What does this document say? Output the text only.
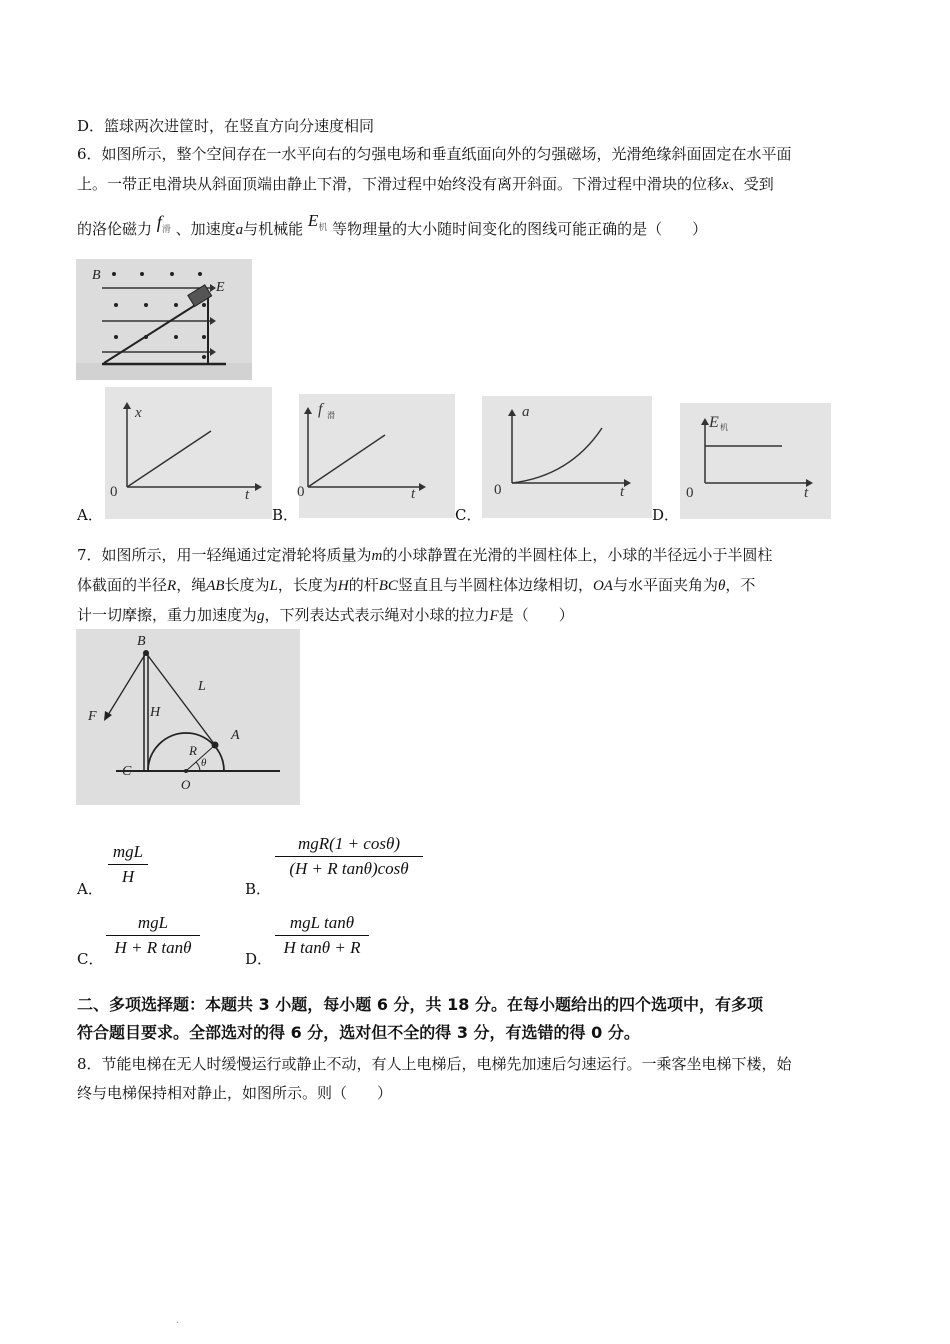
D．篮球两次进筐时，在竖直方向分速度相同
6．如图所示，整个空间存在一水平向右的匀强电场和垂直纸面向外的匀强磁场，光滑绝缘斜面固定在水平面
上。一带正电滑块从斜面顶端由静止下滑，下滑过程中始终没有离开斜面。下滑过程中滑块的位移x、受到
的洛伦磁力 f滑 、加速度a与机械能 $E^机$ 等物理量的大小随时间变化的图线可能正确的是（　　）
B
E
A．	B．	C．	D．
x
t
0
f 滑
t
0
a
t
0
E 机
t
0
7．如图所示，用一轻绳通过定滑轮将质量为m的小球静置在光滑的半圆柱体上，小球的半径远小于半圆柱
体截面的半径R，绳AB长度为L，长度为H的杆BC竖直且与半圆柱体边缘相切，OA与水平面夹角为θ，不
计一切摩擦，重力加速度为g，下列表达式表示绳对小球的拉力F是（　　）
B
F	H
L
A
R
θ
C
O
A．
mgL
H
B．
mgR(1 + cosθ)
(H + R tanθ)cosθ
C．
mgL
H + R tanθ
D．
mgL tanθ
H tanθ + R
二、多项选择题：本题共 3 小题，每小题 6 分，共 18 分。在每小题给出的四个选项中，有多项
符合题目要求。全部选对的得 6 分，选对但不全的得 3 分，有选错的得 0 分。
8．节能电梯在无人时缓慢运行或静止不动，有人上电梯后，电梯先加速后匀速运行。一乘客坐电梯下楼，始
终与电梯保持相对静止，如图所示。则（　　）
·
